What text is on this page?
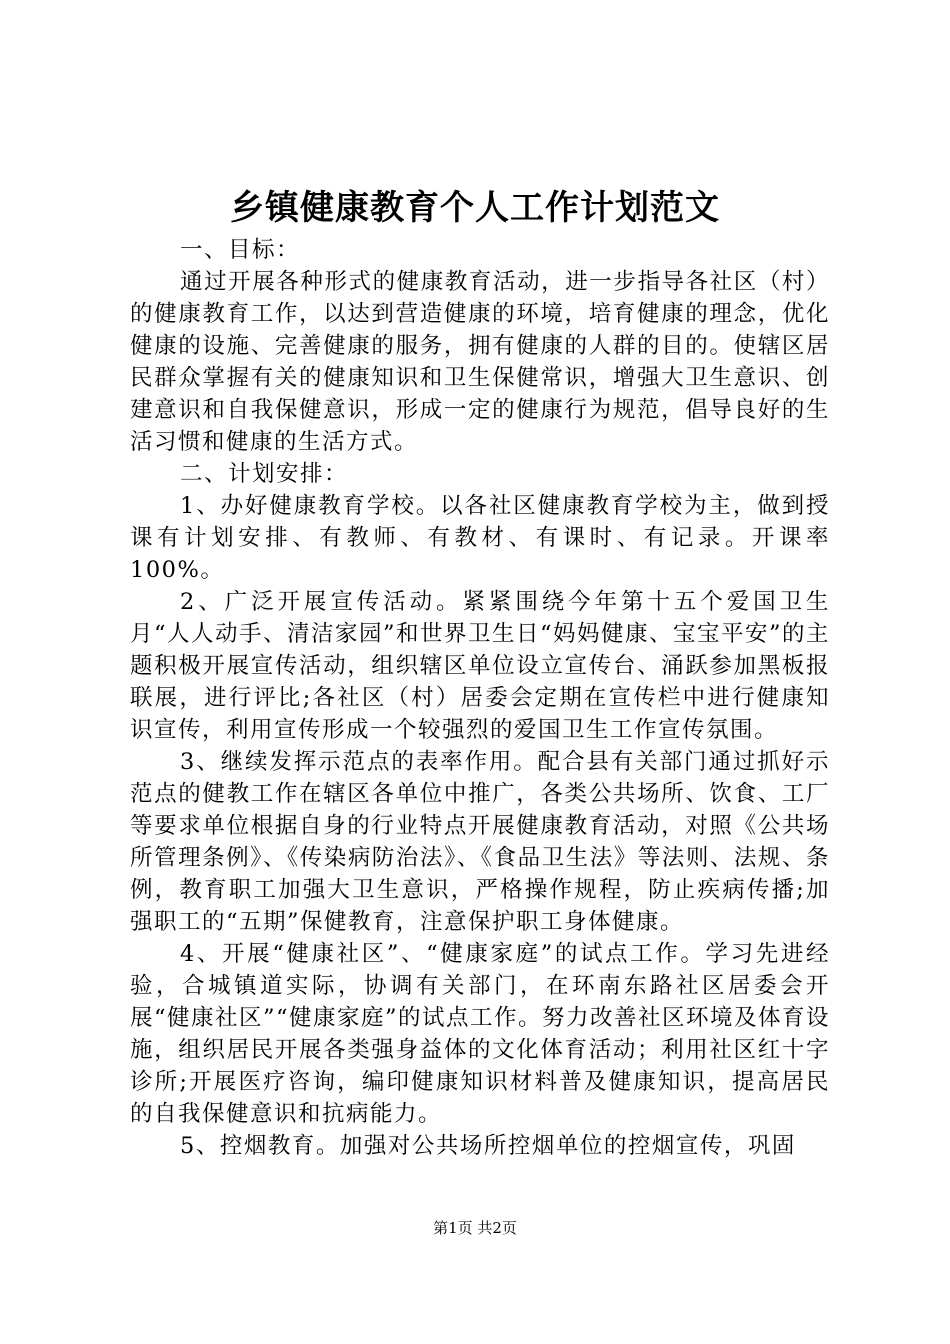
乡镇健康教育个人工作计划范文

一、目标：

通过开展各种形式的健康教育活动，进一步指导各社区（村）的健康教育工作，以达到营造健康的环境，培育健康的理念，优化健康的设施、完善健康的服务，拥有健康的人群的目的。使辖区居民群众掌握有关的健康知识和卫生保健常识，增强大卫生意识、创建意识和自我保健意识，形成一定的健康行为规范，倡导良好的生活习惯和健康的生活方式。

二、计划安排：

1、办好健康教育学校。以各社区健康教育学校为主，做到授课有计划安排、有教师、有教材、有课时、有记录。开课率100%。

2、广泛开展宣传活动。紧紧围绕今年第十五个爱国卫生月“人人动手、清洁家园”和世界卫生日“妈妈健康、宝宝平安”的主题积极开展宣传活动，组织辖区单位设立宣传台、涌跃参加黑板报联展，进行评比;各社区（村）居委会定期在宣传栏中进行健康知识宣传，利用宣传形成一个较强烈的爱国卫生工作宣传氛围。

3、继续发挥示范点的表率作用。配合县有关部门通过抓好示范点的健教工作在辖区各单位中推广，各类公共场所、饮食、工厂等要求单位根据自身的行业特点开展健康教育活动，对照《公共场所管理条例》、《传染病防治法》、《食品卫生法》等法则、法规、条例，教育职工加强大卫生意识，严格操作规程，防止疾病传播;加强职工的“五期”保健教育，注意保护职工身体健康。

4、开展“健康社区”、“健康家庭”的试点工作。学习先进经验，合城镇道实际，协调有关部门，在环南东路社区居委会开展“健康社区”“健康家庭”的试点工作。努力改善社区环境及体育设施，组织居民开展各类强身益体的文化体育活动；利用社区红十字诊所;开展医疗咨询，编印健康知识材料普及健康知识，提高居民的自我保健意识和抗病能力。

5、控烟教育。加强对公共场所控烟单位的控烟宣传，巩固

第1页 共2页
